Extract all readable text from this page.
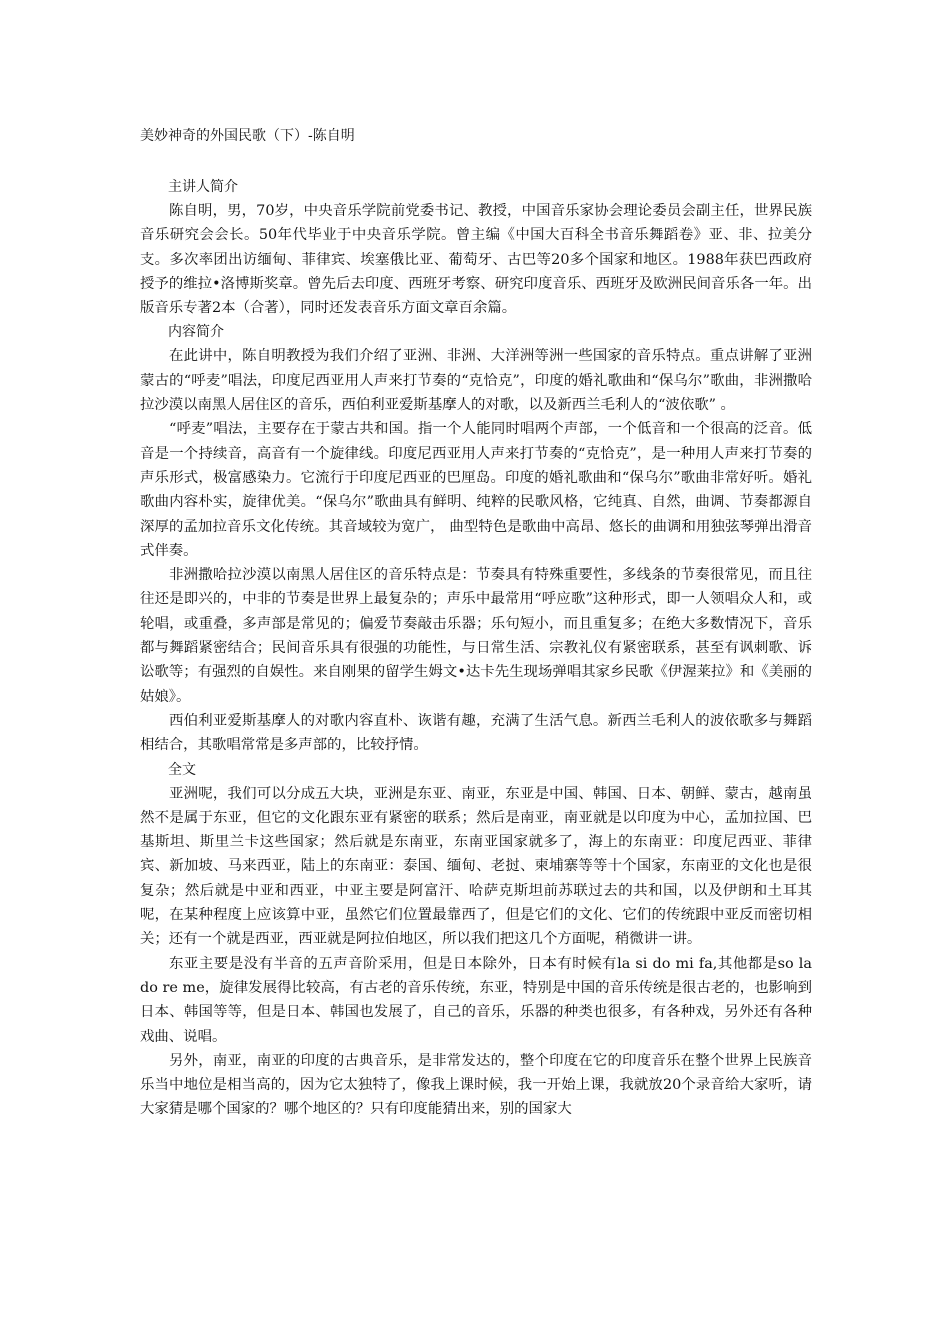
美妙神奇的外国民歌（下）-陈自明

主讲人简介

陈自明，男，70岁，中央音乐学院前党委书记、教授，中国音乐家协会理论委员会副主任，世界民族音乐研究会会长。50年代毕业于中央音乐学院。曾主编《中国大百科全书音乐舞蹈卷》亚、非、拉美分支。多次率团出访缅甸、菲律宾、埃塞俄比亚、葡萄牙、古巴等20多个国家和地区。1988年获巴西政府授予的维拉•洛博斯奖章。曾先后去印度、西班牙考察、研究印度音乐、西班牙及欧洲民间音乐各一年。出版音乐专著2本（合著），同时还发表音乐方面文章百余篇。

内容简介

在此讲中，陈自明教授为我们介绍了亚洲、非洲、大洋洲等洲一些国家的音乐特点。重点讲解了亚洲蒙古的“呼麦”唱法，印度尼西亚用人声来打节奏的“克恰克”，印度的婚礼歌曲和“保乌尔”歌曲，非洲撒哈拉沙漠以南黑人居住区的音乐，西伯利亚爱斯基摩人的对歌，以及新西兰毛利人的“波依歌” 。

“呼麦”唱法，主要存在于蒙古共和国。指一个人能同时唱两个声部，一个低音和一个很高的泛音。低音是一个持续音，高音有一个旋律线。印度尼西亚用人声来打节奏的“克恰克”，是一种用人声来打节奏的声乐形式，极富感染力。它流行于印度尼西亚的巴厘岛。印度的婚礼歌曲和“保乌尔”歌曲非常好听。婚礼歌曲内容朴实，旋律优美。“保乌尔”歌曲具有鲜明、纯粹的民歌风格，它纯真、自然，曲调、节奏都源自深厚的孟加拉音乐文化传统。其音域较为宽广， 曲型特色是歌曲中高昂、悠长的曲调和用独弦琴弹出滑音式伴奏。

非洲撒哈拉沙漠以南黑人居住区的音乐特点是：节奏具有特殊重要性，多线条的节奏很常见，而且往往还是即兴的，中非的节奏是世界上最复杂的；声乐中最常用“呼应歌”这种形式，即一人领唱众人和，或轮唱，或重叠，多声部是常见的；偏爱节奏敲击乐器；乐句短小，而且重复多；在绝大多数情况下，音乐都与舞蹈紧密结合；民间音乐具有很强的功能性，与日常生活、宗教礼仪有紧密联系，甚至有讽刺歌、诉讼歌等；有强烈的自娱性。来自刚果的留学生姆文•达卡先生现场弹唱其家乡民歌《伊渥莱拉》和《美丽的姑娘》。

西伯利亚爱斯基摩人的对歌内容直朴、诙谐有趣，充满了生活气息。新西兰毛利人的波依歌多与舞蹈相结合，其歌唱常常是多声部的，比较抒情。

全文

亚洲呢，我们可以分成五大块，亚洲是东亚、南亚，东亚是中国、韩国、日本、朝鲜、蒙古，越南虽然不是属于东亚，但它的文化跟东亚有紧密的联系；然后是南亚，南亚就是以印度为中心，孟加拉国、巴基斯坦、斯里兰卡这些国家；然后就是东南亚，东南亚国家就多了，海上的东南亚：印度尼西亚、菲律宾、新加坡、马来西亚，陆上的东南亚：泰国、缅甸、老挝、柬埔寨等等十个国家，东南亚的文化也是很复杂；然后就是中亚和西亚，中亚主要是阿富汗、哈萨克斯坦前苏联过去的共和国，以及伊朗和土耳其呢，在某种程度上应该算中亚，虽然它们位置最靠西了，但是它们的文化、它们的传统跟中亚反而密切相关；还有一个就是西亚，西亚就是阿拉伯地区，所以我们把这几个方面呢，稍微讲一讲。

东亚主要是没有半音的五声音阶采用，但是日本除外，日本有时候有la si do mi fa,其他都是so la do re me，旋律发展得比较高，有古老的音乐传统，东亚，特别是中国的音乐传统是很古老的，也影响到日本、韩国等等，但是日本、韩国也发展了，自己的音乐，乐器的种类也很多，有各种戏，另外还有各种戏曲、说唱。

另外，南亚，南亚的印度的古典音乐，是非常发达的，整个印度在它的印度音乐在整个世界上民族音乐当中地位是相当高的，因为它太独特了，像我上课时候，我一开始上课，我就放20个录音给大家听，请大家猜是哪个国家的？哪个地区的？只有印度能猜出来，别的国家大
